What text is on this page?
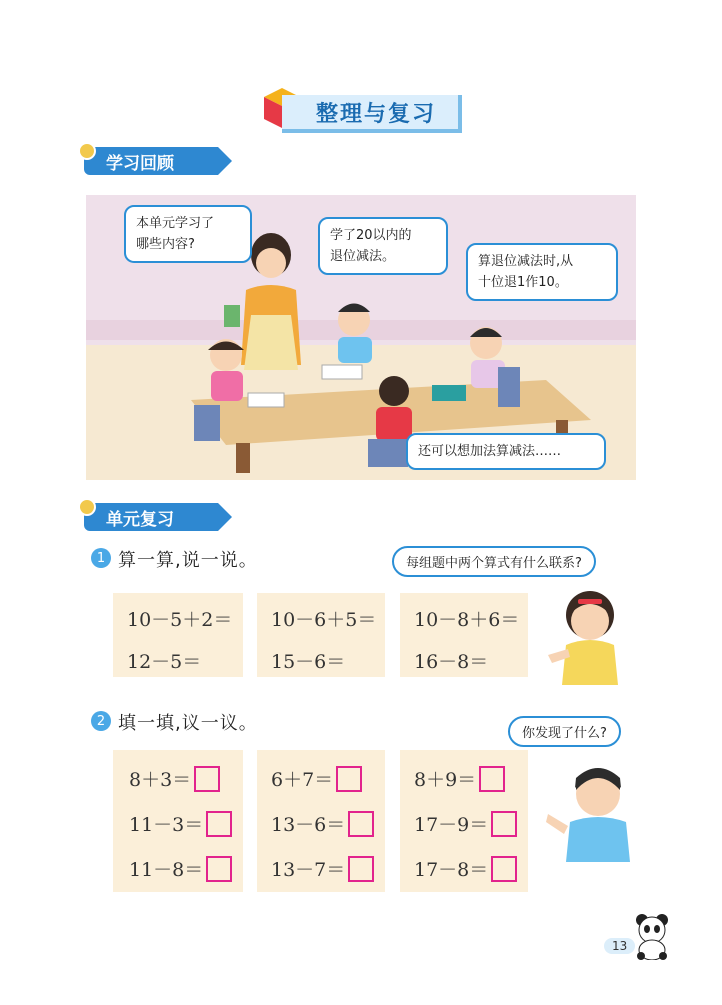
整理与复习
学习回顾
本单元学习了
哪些内容?
学了20以内的
退位减法。	算退位减法时,从
十位退1作10。
还可以想加法算减法……
单元复习
1 算一算,说一说。	每组题中两个算式有什么联系?
10－5＋2＝
12－5＝
10－6＋5＝
15－6＝
10－8＋6＝
16－8＝
2 填一填,议一议。	你发现了什么?
8＋3＝
11－3＝
11－8＝
6＋7＝
13－6＝
13－7＝
8＋9＝
17－9＝
17－8＝
13
